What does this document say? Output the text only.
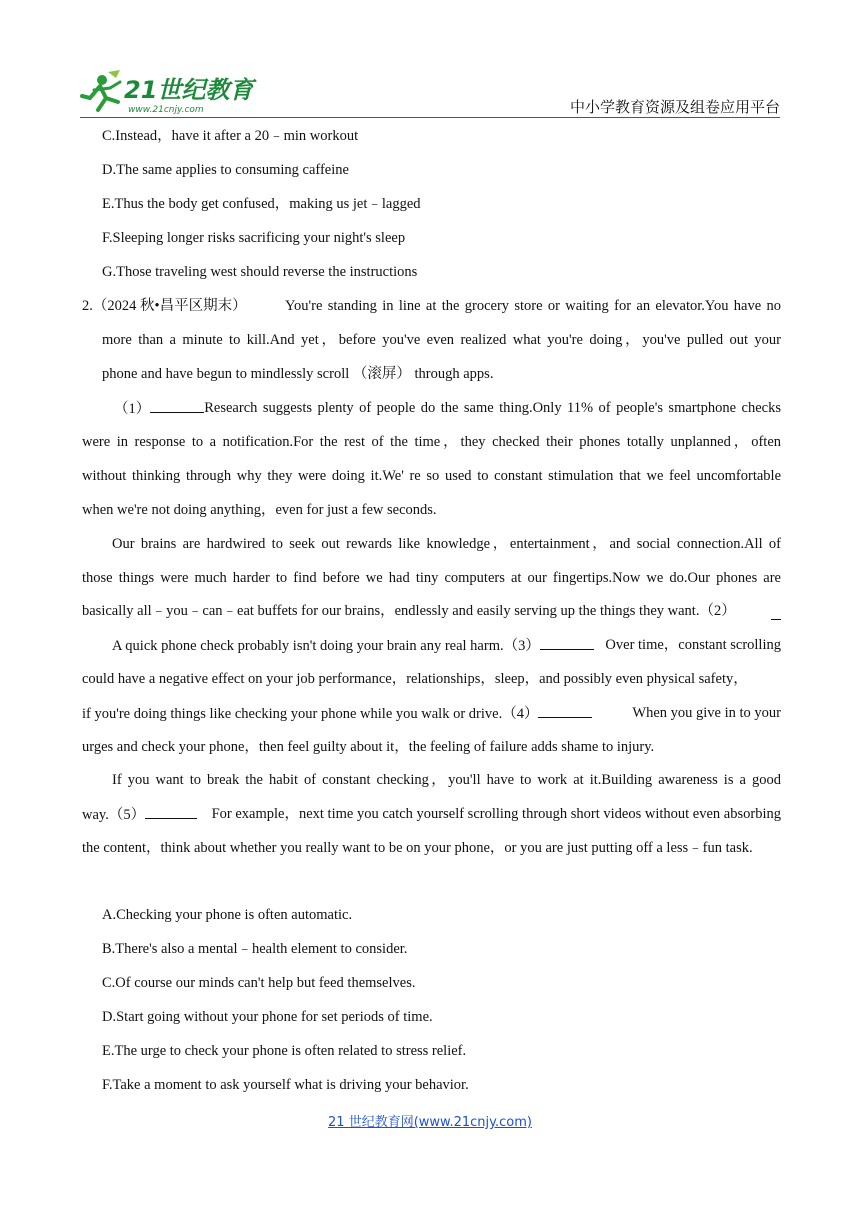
21世纪教育
www.21cnjy.com	中小学教育资源及组卷应用平台
C.Instead，have it after a 20﹣min workout
D.The same applies to consuming caffeine
E.Thus the body get confused，making us jet﹣lagged
F.Sleeping longer risks sacrificing your night's sleep
G.Those traveling west should reverse the instructions
2.（2024 秋•昌平区期末）	You're standing in line at the grocery store or waiting for an elevator.You have no
more than a minute to kill.And yet，before you've even realized what you're doing，you've pulled out your
phone and have begun to mindlessly scroll （滚屏） through apps.
（1）	Research suggests plenty of people do the same thing.Only 11% of people's smartphone checks
were in response to a notification.For the rest of the time，they checked their phones totally unplanned，often
without thinking through why they were doing it.We' re so used to constant stimulation that we feel uncomfortable
when we're not doing anything，even for just a few seconds.
Our brains are hardwired to seek out rewards like knowledge，entertainment，and social connection.All of
those things were much harder to find before we had tiny computers at our fingertips.Now we do.Our phones are
basically all﹣you﹣can﹣eat buffets for our brains，endlessly and easily serving up the things they want.（2）
A quick phone check probably isn't doing your brain any real harm.（3）	Over time，constant scrolling
could have a negative effect on your job performance，relationships，sleep，and possibly even physical safety，
if you're doing things like checking your phone while you walk or drive.（4）	When you give in to your
urges and check your phone，then feel guilty about it，the feeling of failure adds shame to injury.
If you want to break the habit of constant checking，you'll have to work at it.Building awareness is a good
way.（5）	For example，next time you catch yourself scrolling through short videos without even absorbing
the content，think about whether you really want to be on your phone，or you are just putting off a less﹣fun task.
A.Checking your phone is often automatic.
B.There's also a mental﹣health element to consider.
C.Of course our minds can't help but feed themselves.
D.Start going without your phone for set periods of time.
E.The urge to check your phone is often related to stress relief.
F.Take a moment to ask yourself what is driving your behavior.
21 世纪教育网(www.21cnjy.com)
